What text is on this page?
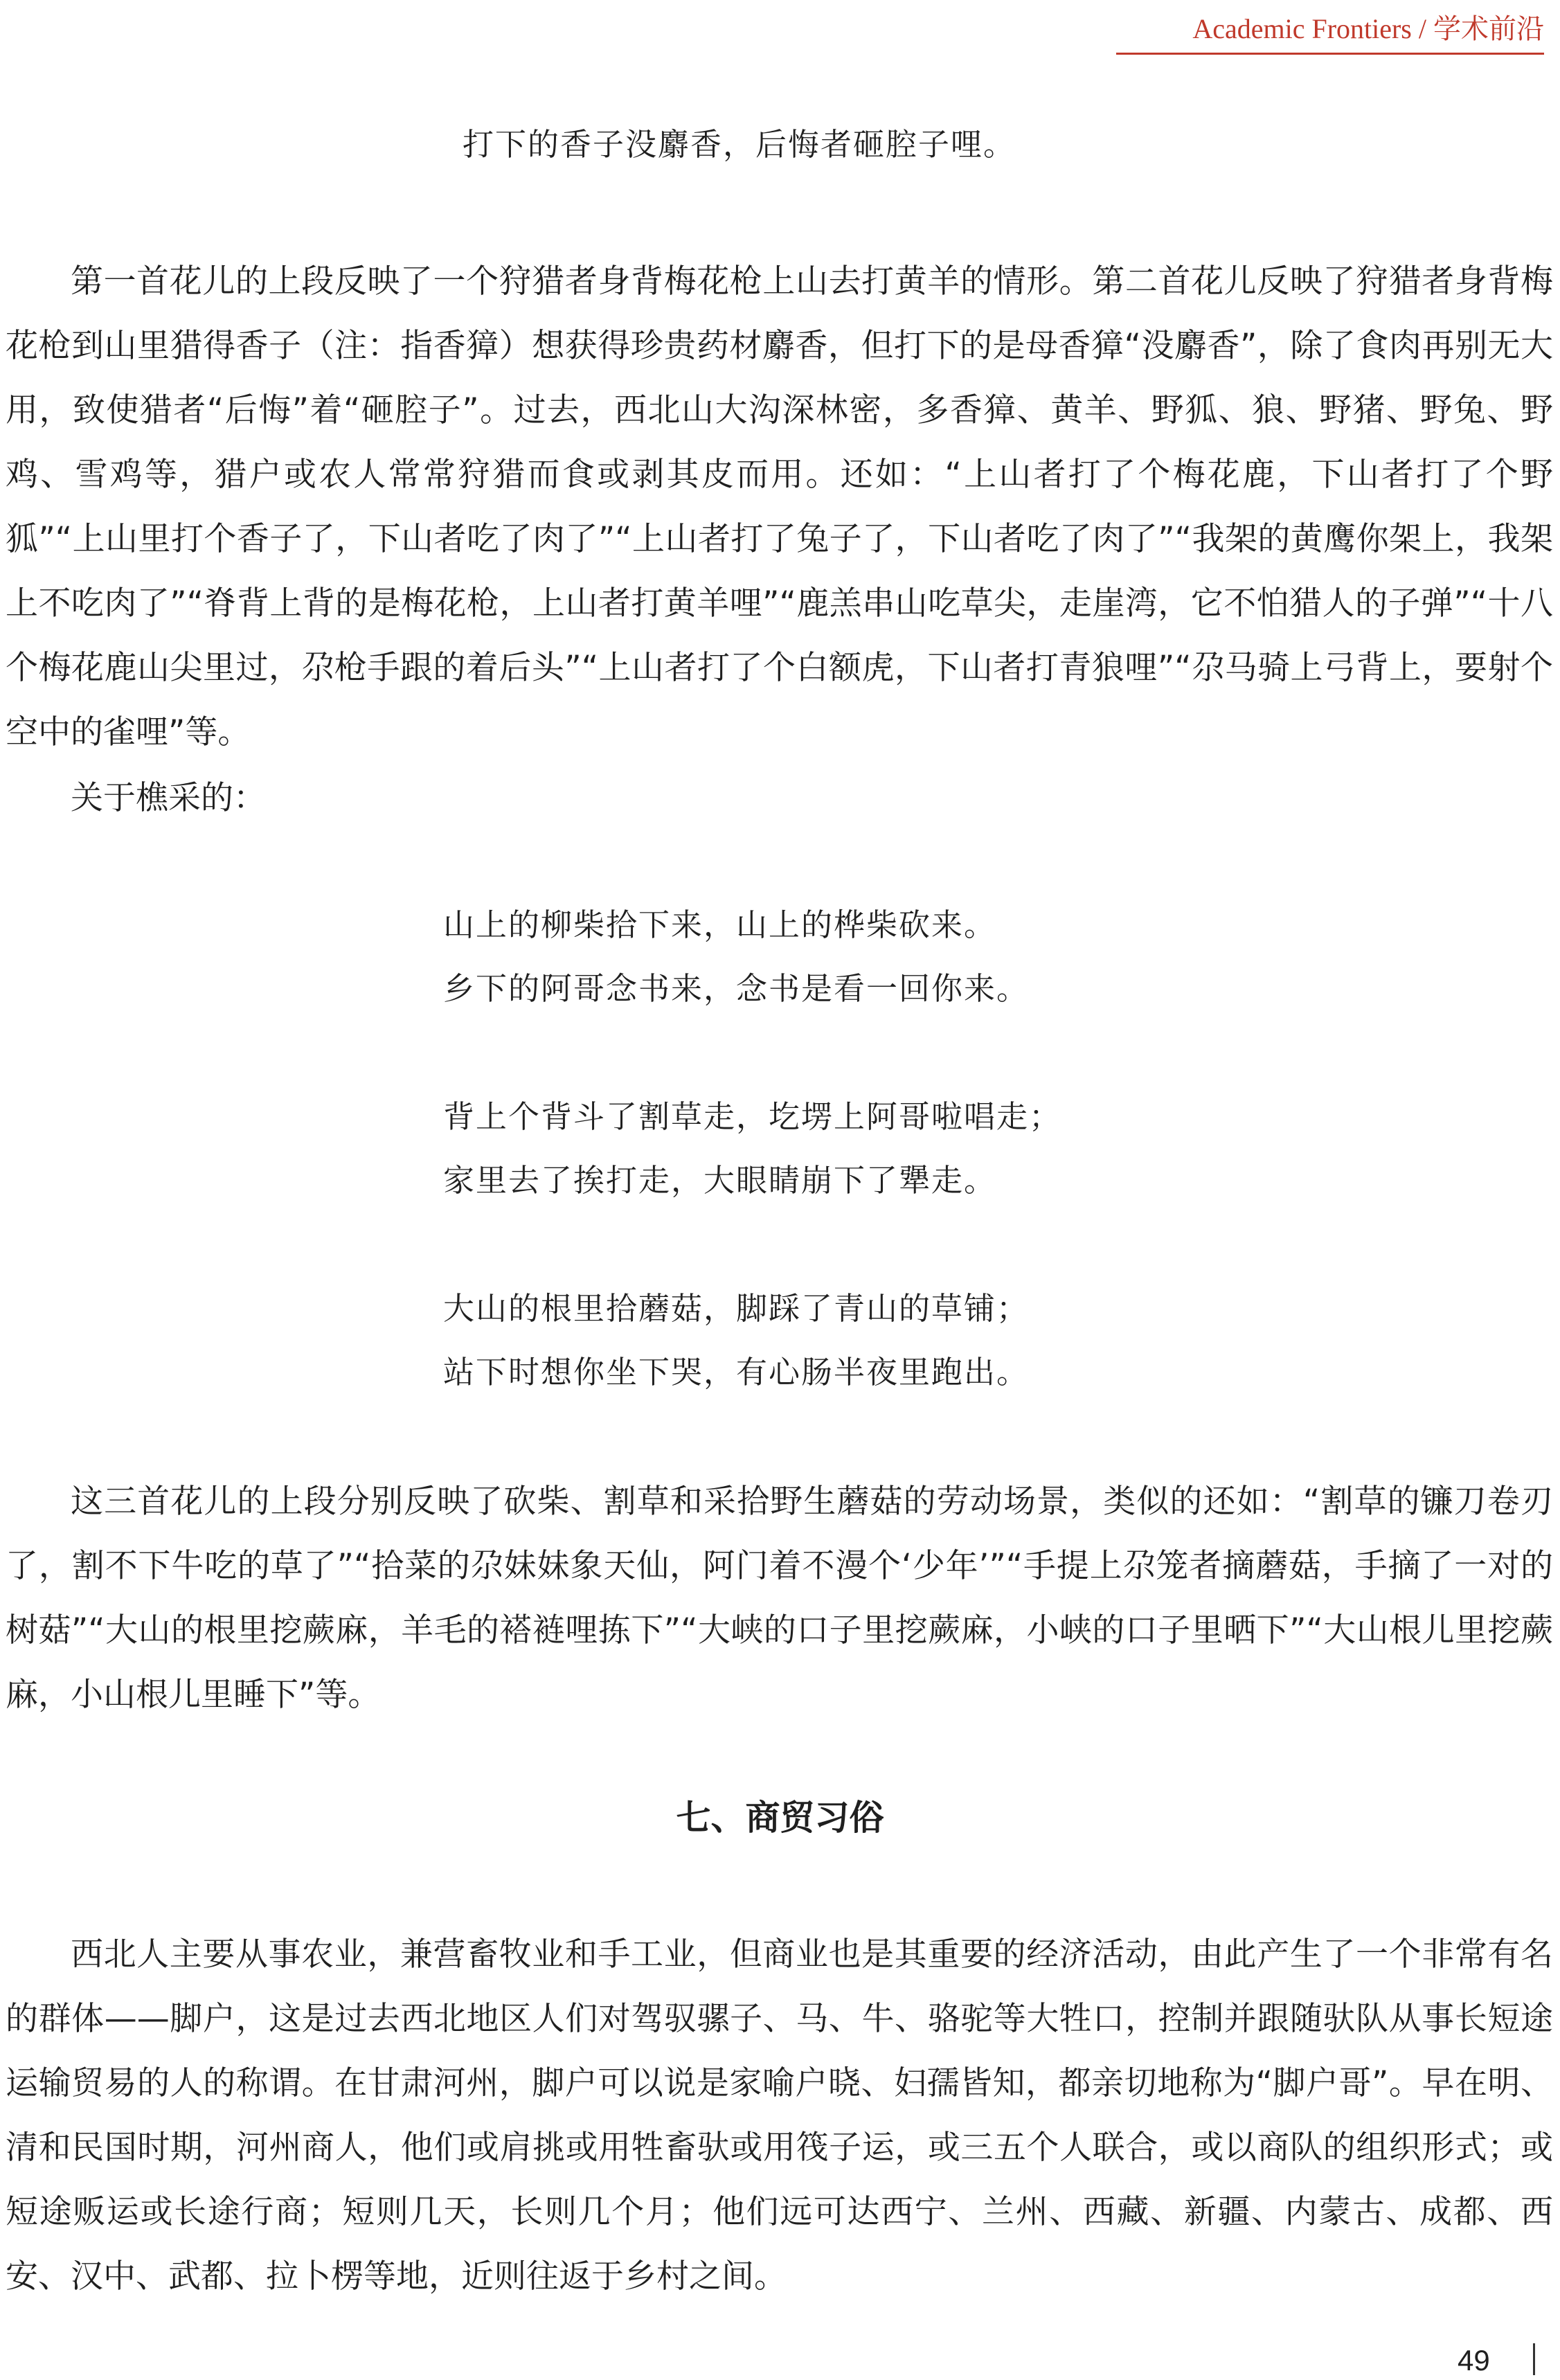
Academic Frontiers / 学术前沿
打下的香子没麝香，后悔者砸腔子哩。

第一首花儿的上段反映了一个狩猎者身背梅花枪上山去打黄羊的情形。第二首花儿反映了狩猎者身背梅花枪到山里猎得香子（注：指香獐）想获得珍贵药材麝香，但打下的是母香獐“没麝香”，除了食肉再别无大用，致使猎者“后悔”着“砸腔子”。过去，西北山大沟深林密，多香獐、黄羊、野狐、狼、野猪、野兔、野鸡、雪鸡等，猎户或农人常常狩猎而食或剥其皮而用。还如：“上山者打了个梅花鹿，下山者打了个野狐”“上山里打个香子了，下山者吃了肉了”“上山者打了兔子了，下山者吃了肉了”“我架的黄鹰你架上，我架上不吃肉了”“脊背上背的是梅花枪，上山者打黄羊哩”“鹿羔串山吃草尖，走崖湾，它不怕猎人的子弹”“十八个梅花鹿山尖里过，尕枪手跟的着后头”“上山者打了个白额虎，下山者打青狼哩”“尕马骑上弓背上，要射个空中的雀哩”等。

关于樵采的：
山上的柳柴拾下来，山上的桦柴砍来。
乡下的阿哥念书来，念书是看一回你来。
背上个背斗了割草走，圪塄上阿哥啦唱走；
家里去了挨打走，大眼睛崩下了犟走。
大山的根里拾蘑菇，脚踩了青山的草铺；
站下时想你坐下哭，有心肠半夜里跑出。

这三首花儿的上段分别反映了砍柴、割草和采拾野生蘑菇的劳动场景，类似的还如：“割草的镰刀卷刃了，割不下牛吃的草了”“拾菜的尕妹妹象天仙，阿门着不漫个‘少年’”“手提上尕笼者摘蘑菇，手摘了一对的树菇”“大山的根里挖蕨麻，羊毛的褡裢哩拣下”“大峡的口子里挖蕨麻，小峡的口子里晒下”“大山根儿里挖蕨麻，小山根儿里睡下”等。

七、商贸习俗

西北人主要从事农业，兼营畜牧业和手工业，但商业也是其重要的经济活动，由此产生了一个非常有名的群体——脚户，这是过去西北地区人们对驾驭骡子、马、牛、骆驼等大牲口，控制并跟随驮队从事长短途运输贸易的人的称谓。在甘肃河州，脚户可以说是家喻户晓、妇孺皆知，都亲切地称为“脚户哥”。早在明、清和民国时期，河州商人，他们或肩挑或用牲畜驮或用筏子运，或三五个人联合，或以商队的组织形式；或短途贩运或长途行商；短则几天，长则几个月；他们远可达西宁、兰州、西藏、新疆、内蒙古、成都、西安、汉中、武都、拉卜楞等地，近则往返于乡村之间。

49
